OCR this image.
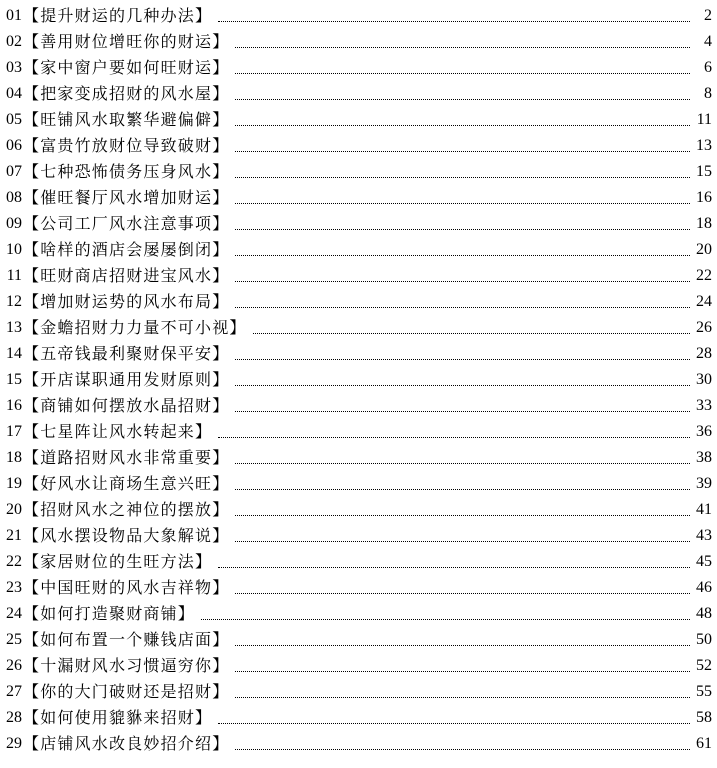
01 【提升财运的几种办法】	2
02 【善用财位增旺你的财运】	4
03 【家中窗户要如何旺财运】	6
04 【把家变成招财的风水屋】	8
05 【旺铺风水取繁华避偏僻】	11
06 【富贵竹放财位导致破财】	13
07 【七种恐怖债务压身风水】	15
08 【催旺餐厅风水增加财运】	16
09 【公司工厂风水注意事项】	18
10 【啥样的酒店会屡屡倒闭】	20
11 【旺财商店招财进宝风水】	22
12 【增加财运势的风水布局】	24
13 【金蟾招财力力量不可小视】	26
14 【五帝钱最利聚财保平安】	28
15 【开店谋职通用发财原则】	30
16 【商铺如何摆放水晶招财】	33
17 【七星阵让风水转起来】	36
18 【道路招财风水非常重要】	38
19 【好风水让商场生意兴旺】	39
20 【招财风水之神位的摆放】	41
21 【风水摆设物品大象解说】	43
22 【家居财位的生旺方法】	45
23 【中国旺财的风水吉祥物】	46
24 【如何打造聚财商铺】	48
25 【如何布置一个赚钱店面】	50
26 【十漏财风水习惯逼穷你】	52
27 【你的大门破财还是招财】	55
28 【如何使用貔貅来招财】	58
29 【店铺风水改良妙招介绍】	61
